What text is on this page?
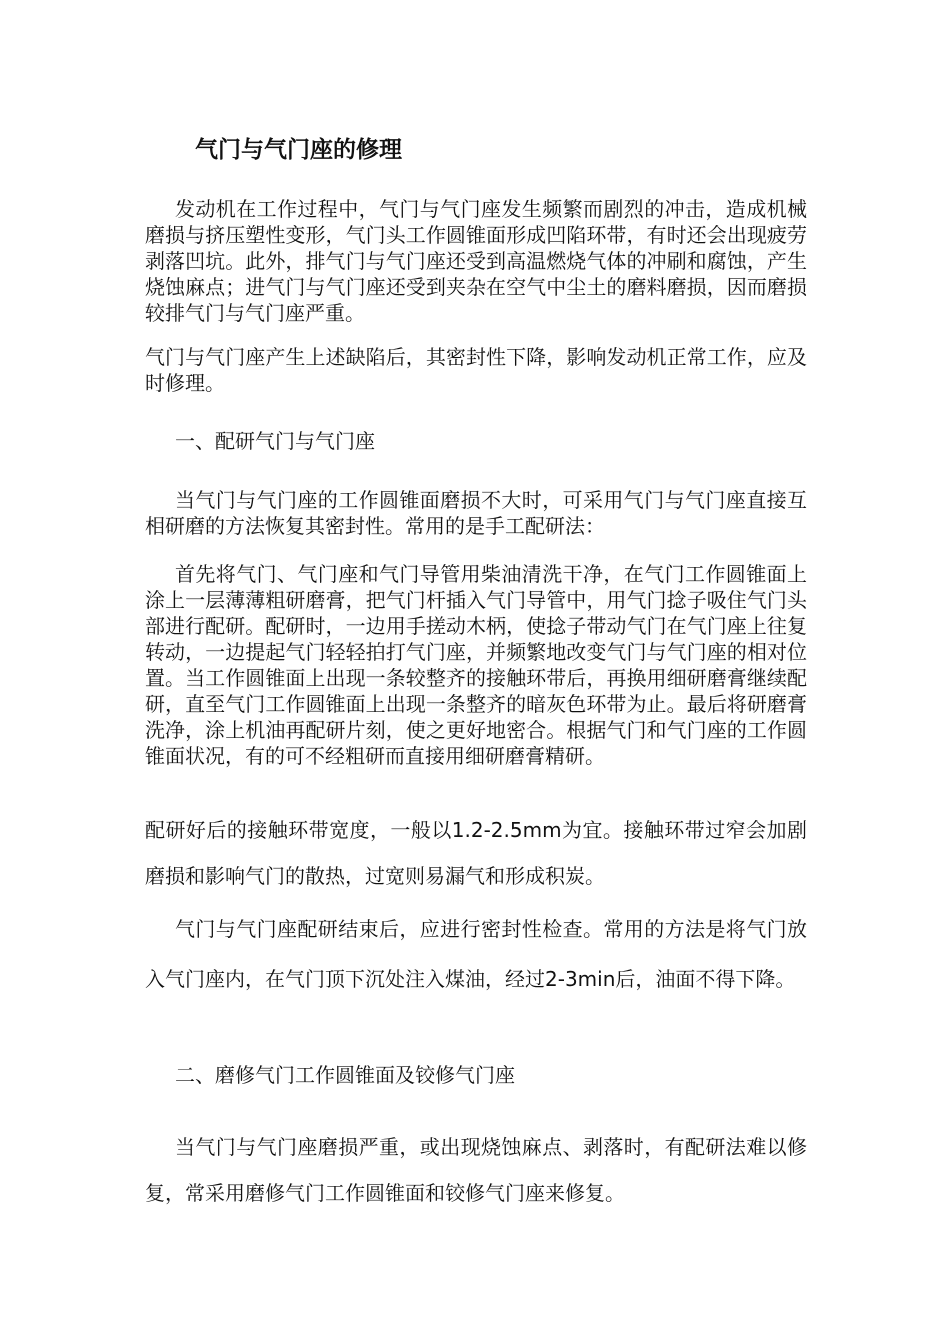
气门与气门座的修理

发动机在工作过程中，气门与气门座发生频繁而剧烈的冲击，造成机械磨损与挤压塑性变形，气门头工作圆锥面形成凹陷环带，有时还会出现疲劳剥落凹坑。此外，排气门与气门座还受到高温燃烧气体的冲刷和腐蚀，产生烧蚀麻点；进气门与气门座还受到夹杂在空气中尘土的磨料磨损，因而磨损较排气门与气门座严重。

气门与气门座产生上述缺陷后，其密封性下降，影响发动机正常工作，应及时修理。

一、配研气门与气门座

当气门与气门座的工作圆锥面磨损不大时，可采用气门与气门座直接互相研磨的方法恢复其密封性。常用的是手工配研法：

首先将气门、气门座和气门导管用柴油清洗干净，在气门工作圆锥面上涂上一层薄薄粗研磨膏，把气门杆插入气门导管中，用气门捻子吸住气门头部进行配研。配研时，一边用手搓动木柄，使捻子带动气门在气门座上往复转动，一边提起气门轻轻拍打气门座，并频繁地改变气门与气门座的相对位置。当工作圆锥面上出现一条较整齐的接触环带后，再换用细研磨膏继续配研，直至气门工作圆锥面上出现一条整齐的暗灰色环带为止。最后将研磨膏洗净，涂上机油再配研片刻，使之更好地密合。根据气门和气门座的工作圆锥面状况，有的可不经粗研而直接用细研磨膏精研。

配研好后的接触环带宽度，一般以1.2-2.5mm为宜。接触环带过窄会加剧磨损和影响气门的散热，过宽则易漏气和形成积炭。

气门与气门座配研结束后，应进行密封性检查。常用的方法是将气门放入气门座内，在气门顶下沉处注入煤油，经过2-3min后，油面不得下降。

二、磨修气门工作圆锥面及铰修气门座

当气门与气门座磨损严重，或出现烧蚀麻点、剥落时，有配研法难以修复，常采用磨修气门工作圆锥面和铰修气门座来修复。
